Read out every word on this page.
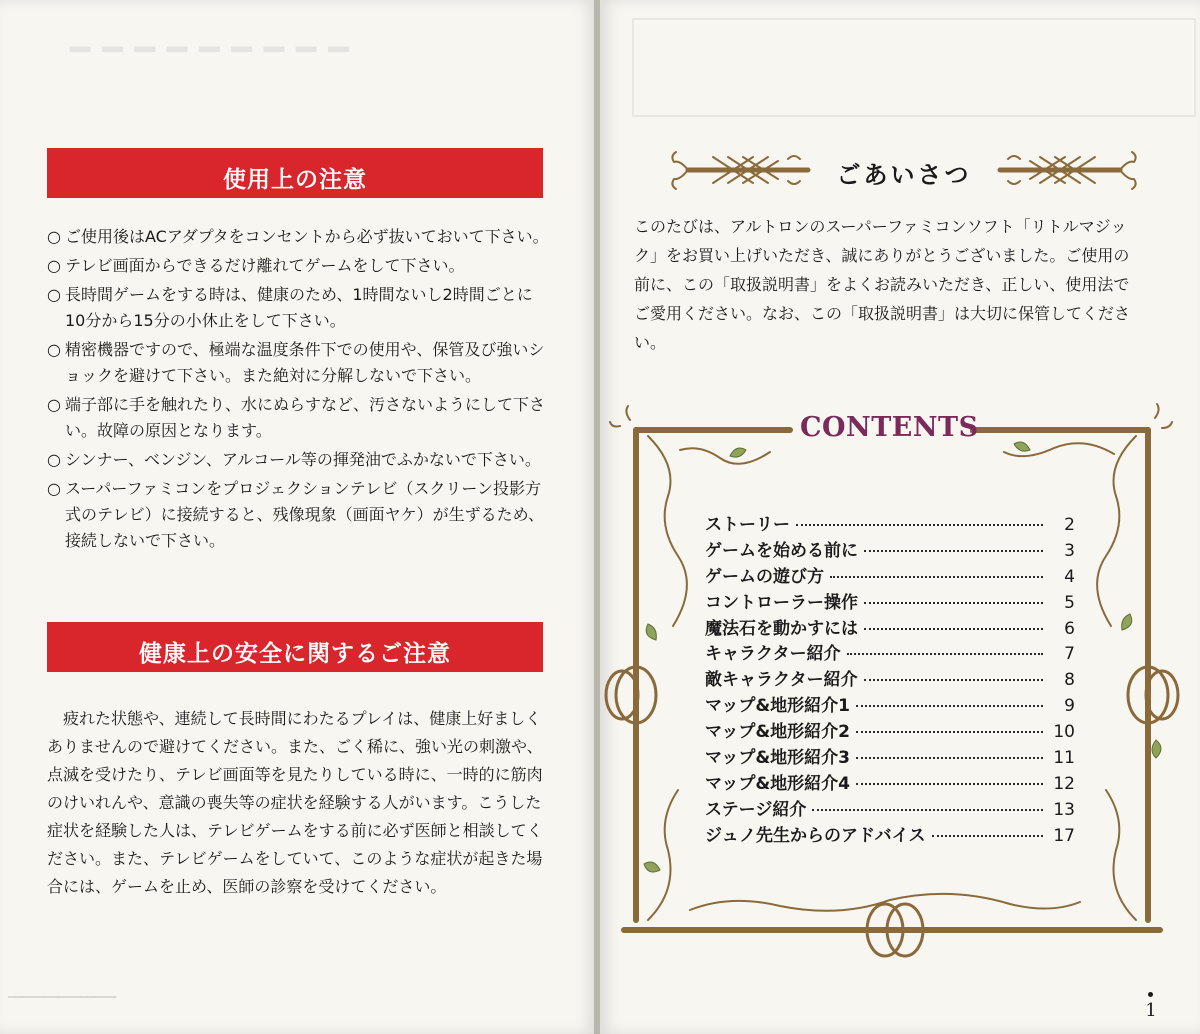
━ ━ ━ ━ ━ ━ ━ ━ ━
━━━━━━━━━━━━━━━
使用上の注意
○ ご使用後はACアダプタをコンセントから必ず抜いておいて下さい。
○ テレビ画面からできるだけ離れてゲームをして下さい。
○ 長時間ゲームをする時は、健康のため、1時間ないし2時間ごとに10分から15分の小休止をして下さい。
○ 精密機器ですので、極端な温度条件下での使用や、保管及び強いショックを避けて下さい。また絶対に分解しないで下さい。
○ 端子部に手を触れたり、水にぬらすなど、汚さないようにして下さい。故障の原因となります。
○ シンナー、ベンジン、アルコール等の揮発油でふかないで下さい。
○ スーパーファミコンをプロジェクションテレビ（スクリーン投影方式のテレビ）に接続すると、残像現象（画面ヤケ）が生ずるため、接続しないで下さい。
健康上の安全に関するご注意

疲れた状態や、連続して長時間にわたるプレイは、健康上好ましくありませんので避けてください。また、ごく稀に、強い光の刺激や、点滅を受けたり、テレビ画面等を見たりしている時に、一時的に筋肉のけいれんや、意識の喪失等の症状を経験する人がいます。こうした症状を経験した人は、テレビゲームをする前に必ず医師と相談してください。また、テレビゲームをしていて、このような症状が起きた場合には、ゲームを止め、医師の診察を受けてください。

ごあいさつ

このたびは、アルトロンのスーパーファミコンソフト「リトルマジック」をお買い上げいただき、誠にありがとうございました。ご使用の前に、この「取扱説明書」をよくお読みいただき、正しい、使用法でご愛用ください。なお、この「取扱説明書」は大切に保管してください。

CONTENTS
ストーリー	2
ゲームを始める前に	3
ゲームの遊び方	4
コントローラー操作	5
魔法石を動かすには	6
キャラクター紹介	7
敵キャラクター紹介	8
マップ&地形紹介1	9
マップ&地形紹介2	10
マップ&地形紹介3	11
マップ&地形紹介4	12
ステージ紹介	13
ジュノ先生からのアドバイス	17
1
